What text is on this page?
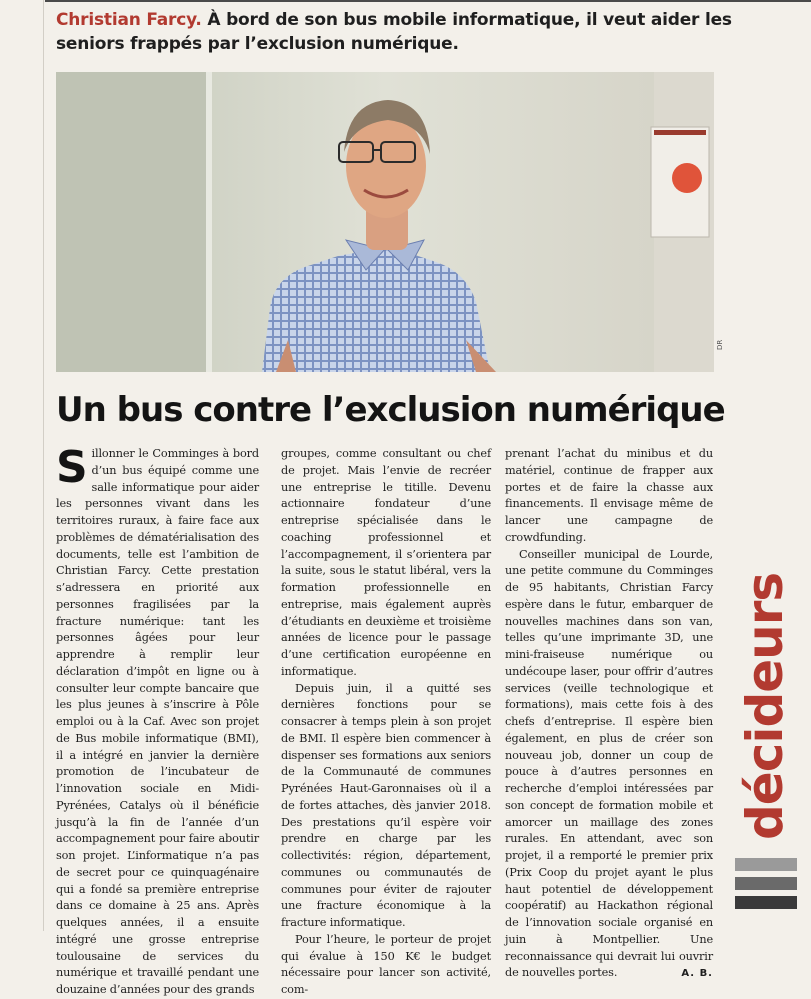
Christian Farcy. À bord de son bus mobile informatique, il veut aider les seniors frappés par l’exclusion numérique.
DR
Un bus contre l’exclusion numérique

Sillonner le Comminges à bord d’un bus équipé comme une salle informatique pour aider les personnes vivant dans les territoires ruraux, à faire face aux problèmes de dématérialisation des documents, telle est l’ambition de Christian Farcy. Cette prestation s’adressera en priorité aux personnes fragilisées par la fracture numérique: tant les personnes âgées pour leur apprendre à remplir leur déclaration d’impôt en ligne ou à consulter leur compte bancaire que les plus jeunes à s’inscrire à Pôle emploi ou à la Caf. Avec son projet de Bus mobile informatique (BMI), il a intégré en janvier la dernière promotion de l’incubateur de l’innovation sociale en Midi-Pyrénées, Catalys où il bénéficie jusqu’à la fin de l’année d’un accompagnement pour faire aboutir son projet. L’informatique n’a pas de secret pour ce quinquagénaire qui a fondé sa première entreprise dans ce domaine à 25 ans. Après quelques années, il a ensuite intégré une grosse entreprise toulousaine de services du numérique et travaillé pendant une douzaine d’années pour des grands

groupes, comme consultant ou chef de projet. Mais l’envie de recréer une entreprise le titille. Devenu actionnaire fondateur d’une entreprise spécialisée dans le coaching professionnel et l’accompagnement, il s’orientera par la suite, sous le statut libéral, vers la formation professionnelle en entreprise, mais également auprès d’étudiants en deuxième et troisième années de licence pour le passage d’une certification européenne en informatique.

Depuis juin, il a quitté ses dernières fonctions pour se consacrer à temps plein à son projet de BMI. Il espère bien commencer à dispenser ses formations aux seniors de la Communauté de communes Pyrénées Haut-Garonnaises où il a de fortes attaches, dès janvier 2018. Des prestations qu’il espère voir prendre en charge par les collectivités: région, département, communes ou communautés de communes pour éviter de rajouter une fracture économique à la fracture informatique.

Pour l’heure, le porteur de projet qui évalue à 150 K€ le budget nécessaire pour lancer son activité, com-

prenant l’achat du minibus et du matériel, continue de frapper aux portes et de faire la chasse aux financements. Il envisage même de lancer une campagne de crowdfunding.

Conseiller municipal de Lourde, une petite commune du Comminges de 95 habitants, Christian Farcy espère dans le futur, embarquer de nouvelles machines dans son van, telles qu’une imprimante 3D, une mini-fraiseuse numérique ou undécoupe laser, pour offrir d’autres services (veille technologique et formations), mais cette fois à des chefs d’entreprise. Il espère bien également, en plus de créer son nouveau job, donner un coup de pouce à d’autres personnes en recherche d’emploi intéressées par son concept de formation mobile et amorcer un maillage des zones rurales. En attendant, avec son projet, il a remporté le premier prix (Prix Coop du projet ayant le plus haut potentiel de développement coopératif) au Hackathon régional de l’innovation sociale organisé en juin à Montpellier. Une reconnaissance qui devrait lui ouvrir de nouvelles portes.	A. B.
décideurs
